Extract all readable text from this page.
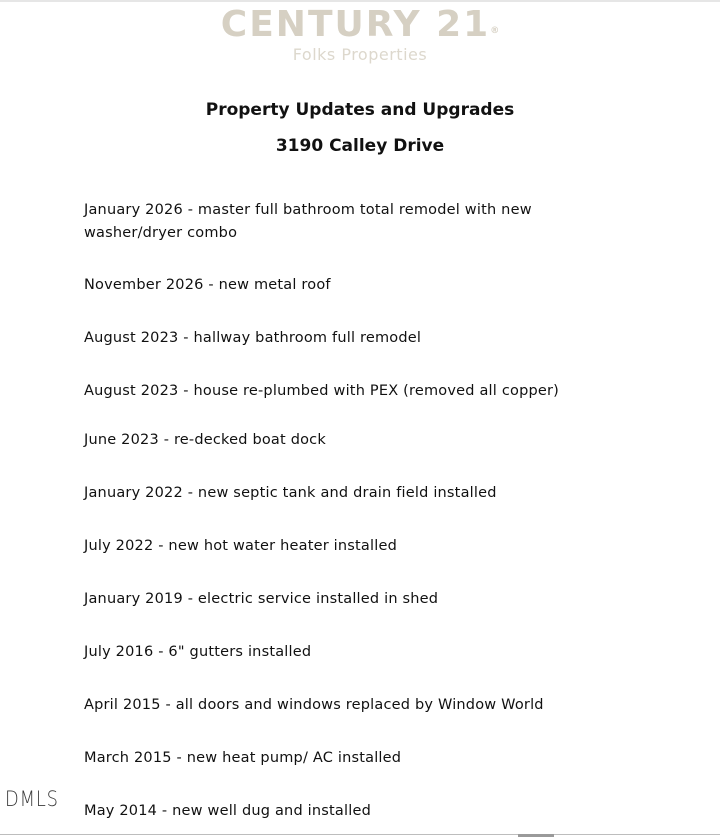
CENTURY 21®
Folks Properties
Property Updates and Upgrades
3190 Calley Drive
January 2026 - master full bathroom total remodel with new washer/dryer combo
November 2026 - new metal roof
August 2023 - hallway bathroom full remodel
August 2023 - house re-plumbed with PEX (removed all copper)
June 2023 - re-decked boat dock
January 2022 - new septic tank and drain field installed
July 2022 - new hot water heater installed
January 2019 - electric service installed in shed
July 2016 - 6" gutters installed
April 2015 - all doors and windows replaced by Window World
March 2015 - new heat pump/ AC installed
May 2014 - new well dug and installed
DMLS
